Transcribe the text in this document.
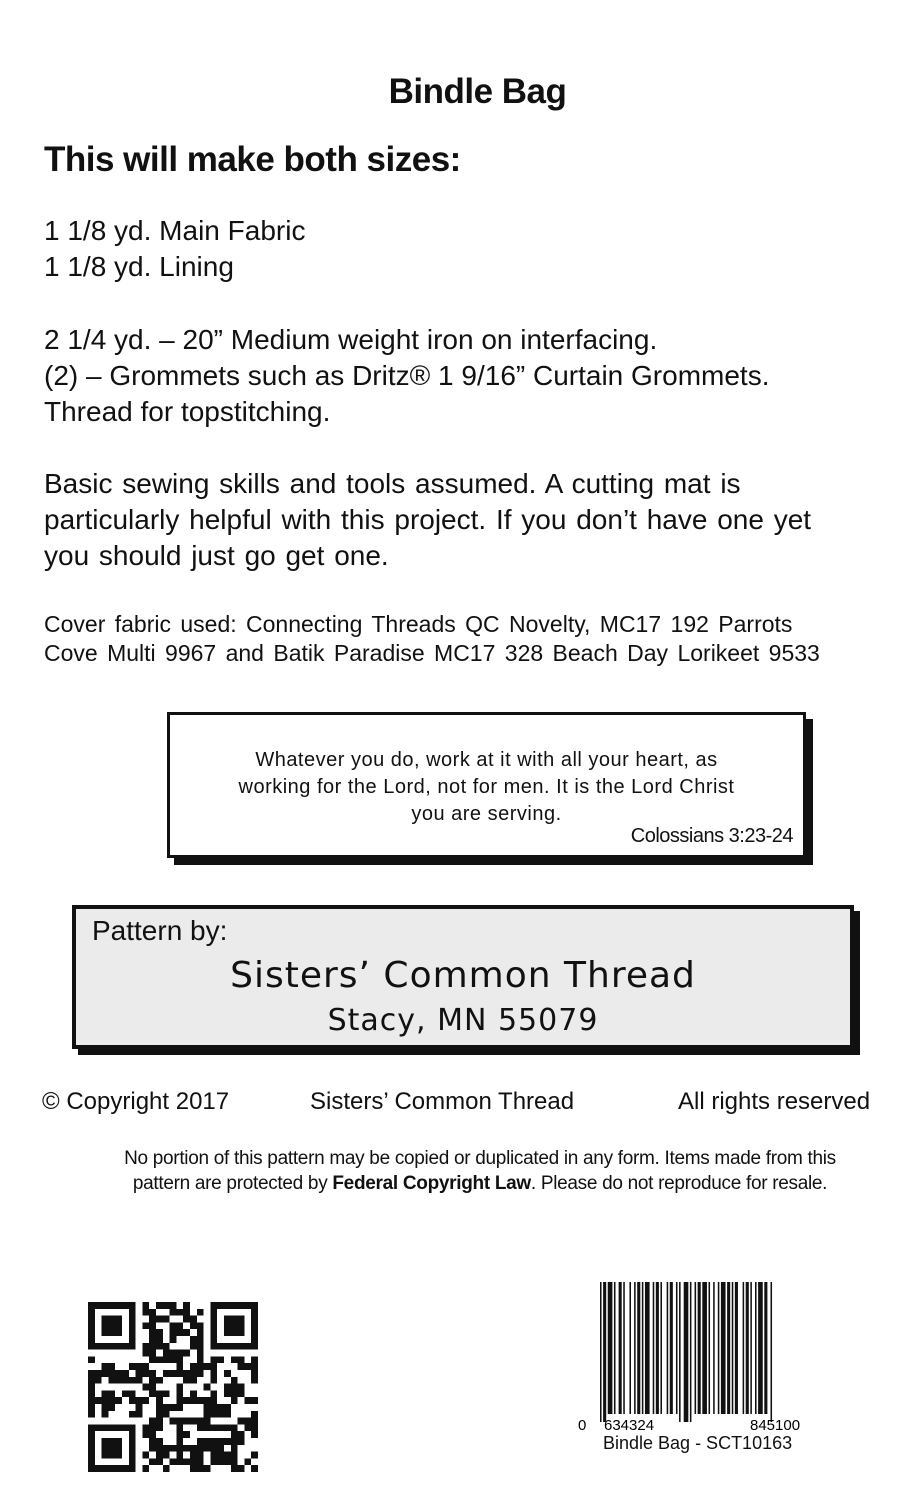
Bindle Bag
This will make both sizes:
1 1/8 yd. Main Fabric
1 1/8 yd. Lining
2 1/4 yd. – 20” Medium weight iron on interfacing.
(2) – Grommets such as Dritz® 1 9/16” Curtain Grommets.
Thread for topstitching.
Basic sewing skills and tools assumed. A cutting mat is
particularly helpful with this project. If you don’t have one yet
you should just go get one.
Cover fabric used: Connecting Threads QC Novelty, MC17 192 Parrots
Cove Multi 9967 and Batik Paradise MC17 328 Beach Day Lorikeet 9533
Whatever you do, work at it with all your heart, as
working for the Lord, not for men. It is the Lord Christ
you are serving.
Colossians 3:23-24
Pattern by:
Sisters’ Common Thread
Stacy, MN 55079
© Copyright 2017	Sisters’ Common Thread	All rights reserved
No portion of this pattern may be copied or duplicated in any form. Items made from this
pattern are protected by Federal Copyright Law. Please do not reproduce for resale.
0 634324	845100
Bindle Bag - SCT10163
